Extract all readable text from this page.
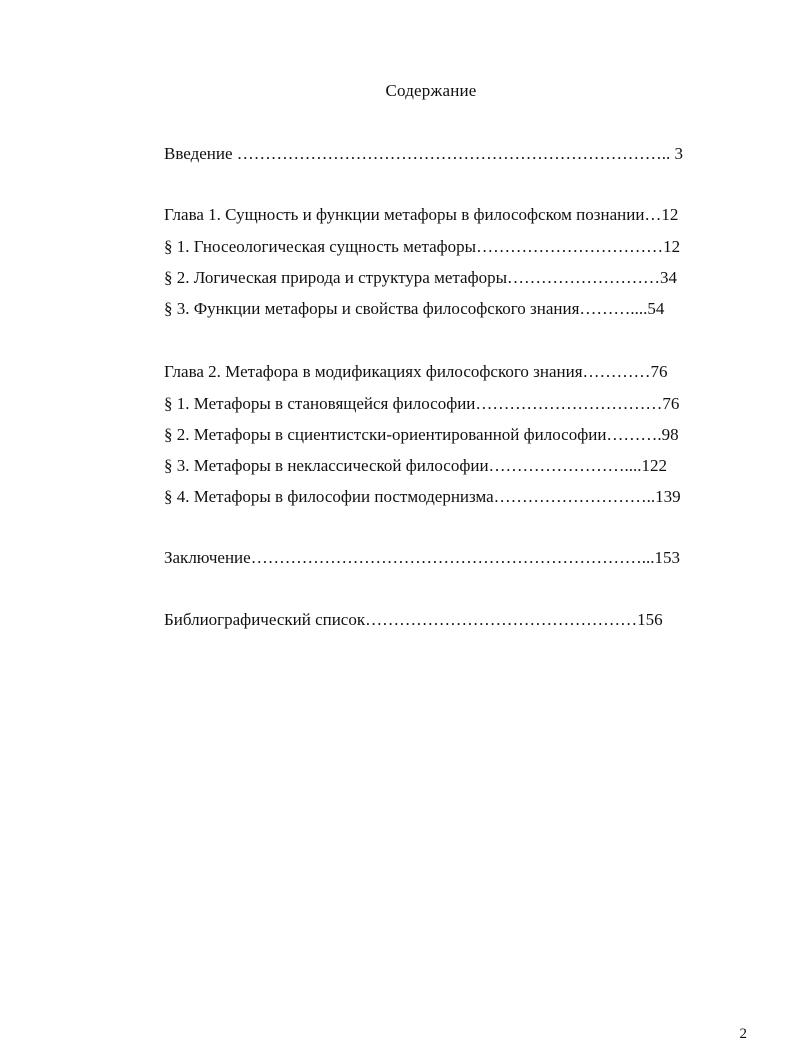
Содержание
Введение ………………………………………………………………….. 3
Глава 1. Сущность и функции метафоры в философском познании…12
§ 1. Гносеологическая сущность метафоры……………………………12
§ 2. Логическая природа и структура метафоры………………………34
§ 3. Функции метафоры и свойства философского знания………....54
Глава 2. Метафора в модификациях философского знания…………76
§ 1. Метафоры в становящейся философии……………………………76
§ 2. Метафоры в сциентистски-ориентированной философии……….98
§ 3. Метафоры в неклассической философии……………………....122
§ 4. Метафоры в философии постмодернизма………………………..139
Заключение……………………………………………………………...153
Библиографический список…………………………………………156
2
